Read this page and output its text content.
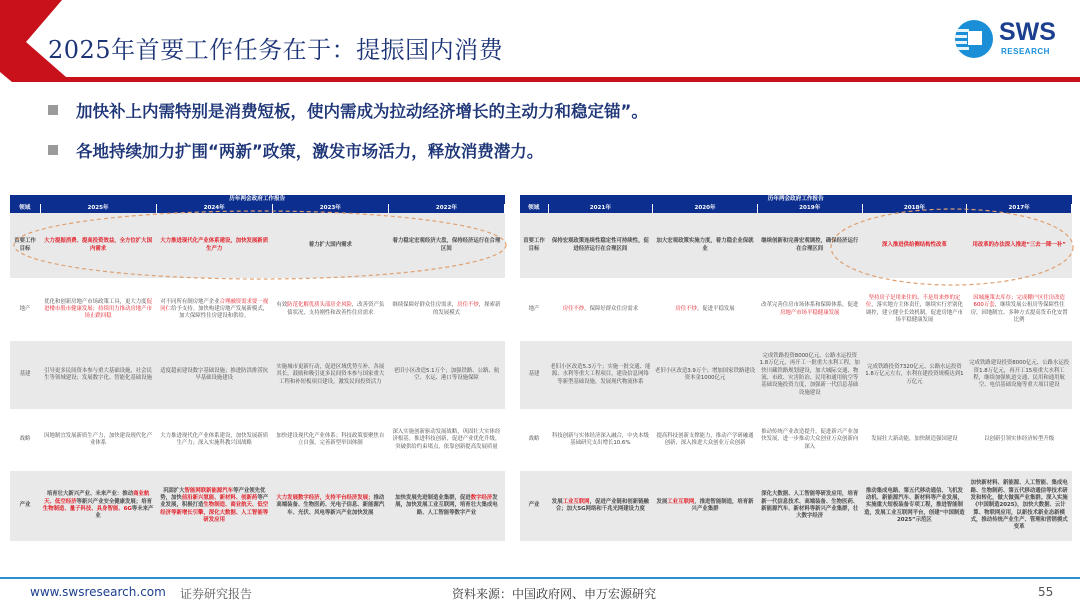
2025年首要工作任务在于：提振国内消费
SWS
RESEARCH
加快补上内需特别是消费短板，使内需成为拉动经济增长的主动力和稳定锚”。
各地持续加力扩围“两新”政策，激发市场活力，释放消费潜力。
历年两会政府工作报告				
领域	2025年	2024年	2023年	2022年
首要工作目标	大力提振消费、提高投资效益，全方位扩大国内需求	大力推进现代化产业体系建设，加快发展新质生产力	着力扩大国内需求	着力稳定宏观经济大盘，保持经济运行在合理区间
地产	优化和创新房地产市场政策工具，更大力度促进楼市股市健康发展；持续用力推动房地产市场止跌回稳	对不同所有制房地产企业合理融资需求要一视同仁给予支持。加快构建房地产发展新模式，加大保障性住房建设和供给。	有效防范化解优质头部房企风险，改善资产负债状况，支持刚性和改善性住房需求	继续保障好群众住房需求，房住不炒，探索新的发展模式
基建	引导更多民间资本参与重大基础设施、社会民生等领域建设；发展数字化、智能化基础设施	适度超前建设数字基础设施；推进防洪排涝抗旱基础设施建设	实施城市更新行动，促进区域优势互补、各展其长，鼓励和吸引更多民间资本参与国家重大工程和补短板项目建设，激发民间投资活力	老旧小区改造5.1万个；加强铁路、公路、航空、水运、港口等设施保障
战略	因地制宜发展新质生产力，加快建设现代化产业体系	大力推进现代化产业体系建设，加快发展新质生产力；深入实施科教兴国战略	加快建设现代化产业体系；科技政策要聚焦自立自强，完善新型举国体制	深入实施创新驱动发展战略，巩固壮大实体经济根基。推进科技创新，促进产业优化升级，突破供给约束堵点，依靠创新提高发展质量
产业	培育壮大新兴产业、未来产业：推动商业航天、低空经济等新兴产业安全健康发展；培育生物制造、量子科技、具身智能、6G等未来产业	巩固扩大智能网联新能源汽车等产业领先优势，加快前沿新兴氢能、新材料、创新药等产业发展，积极打造生物制造、商业航天、低空经济等新增长引擎，深化大数据、人工智能等研发应用	大力发展数字经济，支持平台经济发展；推动高端装备、生物医药、光电子信息、新能源汽车、光伏、风电等新兴产业加快发展	加快发展先进制造业集群，促进数字经济发展，加快发展工业互联网，培育壮大集成电路、人工智能等数字产业
历年两会政府工作报告					
领域	2021年	2020年	2019年	2018年	2017年
首要工作目标	保持宏观政策连续性稳定性可持续性，促进经济运行在合理区间	加大宏观政策实施力度，着力稳企业保就业	继续创新和完善宏观调控，确保经济运行在合理区间	深入推进供给侧结构性改革	用改革的办法深入推进“三去一降一补”
地产	房住不炒，保障好群众住房需求	房住不炒，促进平稳发展	改革完善住房市场体系和保障体系，促进房地产市场平稳健康发展	坚持房子是用来住的、不是用来炒的定位，落实地方主体责任，继续实行差别化调控，建立健全长效机制，促进房地产市场平稳健康发展	因城施策去库存；完成棚户区住房改造600万套，继续发展公租房等保障性住房，因地制宜、多种方式提高货币化安置比例
基建	老旧小区改造5.3万个；实施一批交通、能源、水利等重大工程项目，建设信息网络等新型基础设施，发展现代物流体系	老旧小区改造3.9万个；增加国家铁路建设资本金1000亿元	完成铁路投资8000亿元、公路水运投资1.8万亿元，再开工一批重大水利工程，加快川藏铁路规划建设，加大城际交通、物流、市政、灾害防治、民用和通用航空等基础设施投资力度，加强新一代信息基础设施建设	完成铁路投资7320亿元、公路水运投资1.8万亿元左右，水利在建投资规模达到1万亿元	完成铁路建设投资8000亿元、公路水运投资1.8万亿元，再开工15项重大水利工程，继续加强轨道交通、民用和通用航空、电信基础设施等重大项目建设
战略	科技创新与实体经济深入融合，中央本级基础研究支出增长10.6%	提高科技创新支撑能力，推动产学研融通创新，深入推进大众创业万众创新	推动传统产业改造提升，促进新兴产业加快发展，进一步推动大众创业万众创新向深入	发展壮大新动能，加快制造强国建设	以创新引领实体经济转型升级
产业	发展工业互联网，促进产业链和创新链融合；加大5G网络和千兆光网建设力度	发展工业互联网，推进智能制造，培育新兴产业集群	深化大数据、人工智能等研发应用，培育新一代信息技术、高端装备、生物医药、新能源汽车、新材料等新兴产业集群，壮大数字经济	推动集成电路、第五代移动通信、飞机发动机、新能源汽车、新材料等产业发展，实施重大短板装备专项工程，推进智能制造，发展工业互联网平台，创建“中国制造2025”示范区	加快新材料、新能源、人工智能、集成电路、生物制药、第五代移动通信等技术研发和转化，做大做强产业集群。深入实施《中国制造2025》，加快大数据、云计算、物联网应用，以新技术新业态新模式，推动传统产业生产、管理和营销模式变革
www.swsresearch.com 证券研究报告	资料来源：中国政府网、申万宏源研究	55
